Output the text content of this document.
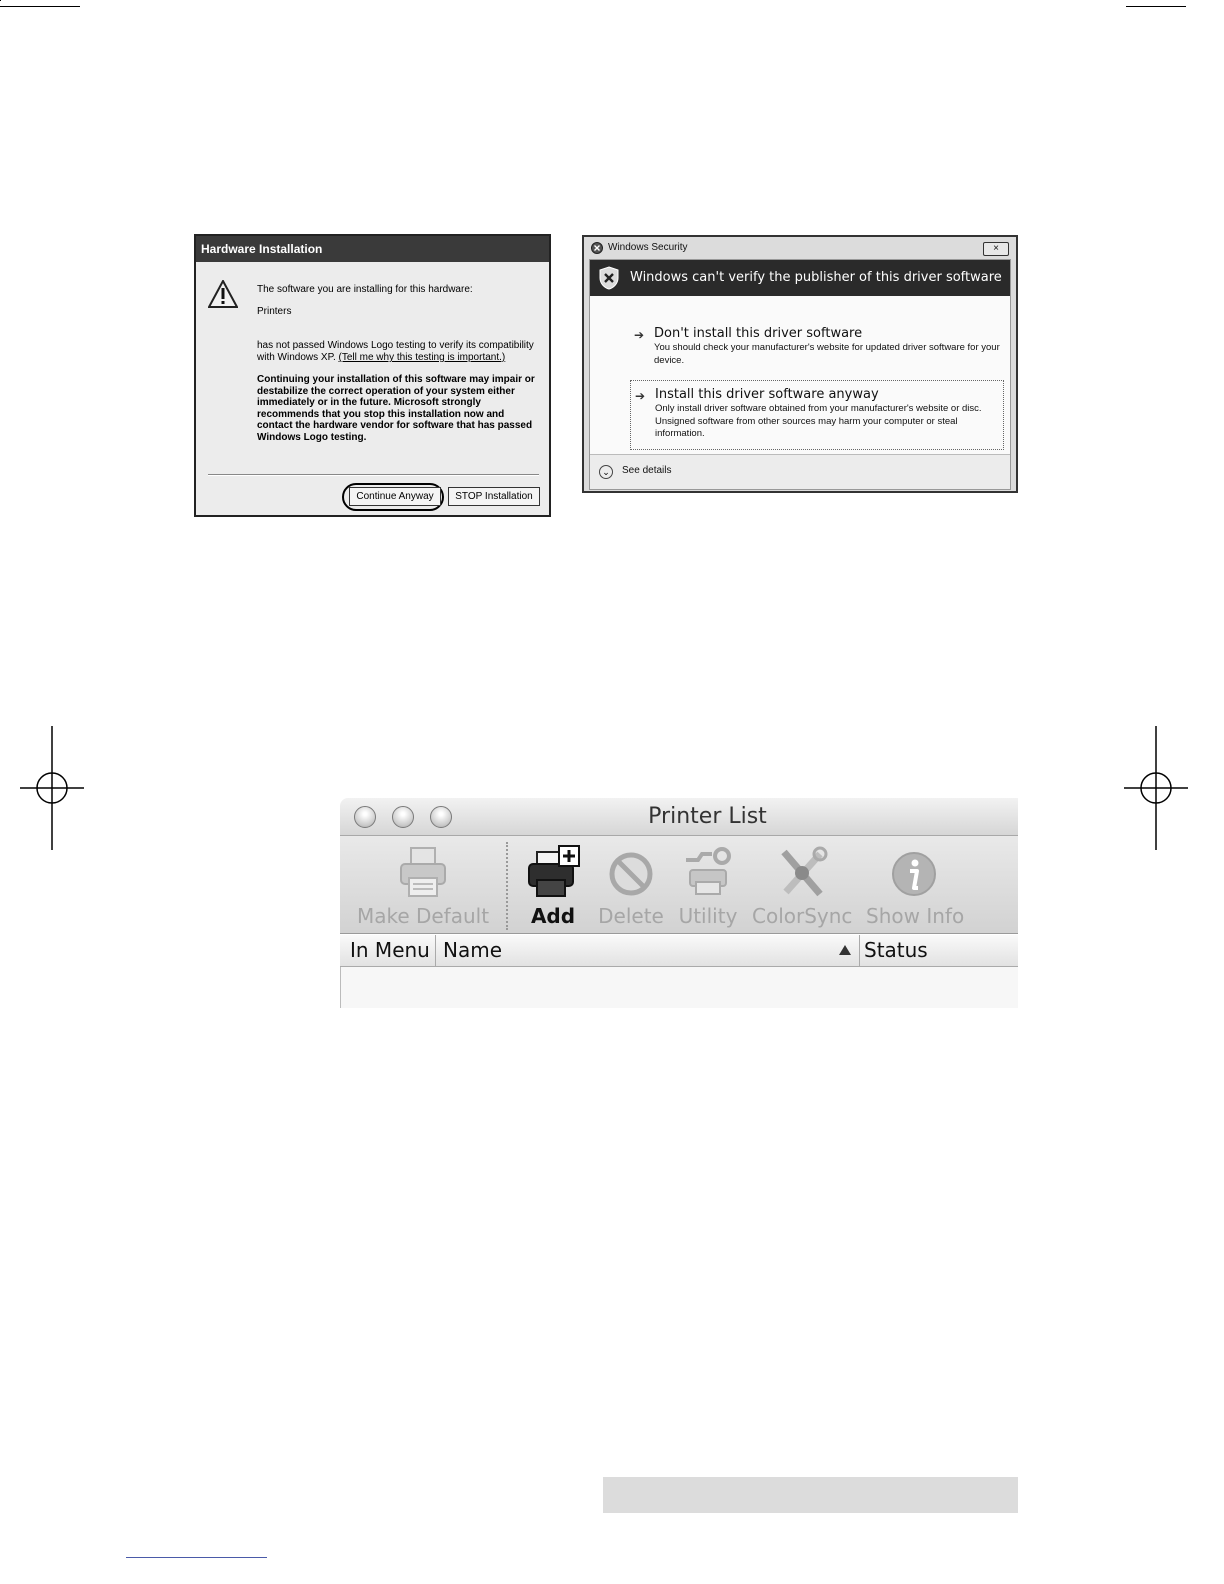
Hardware Installation
The software you are installing for this hardware:
Printers
has not passed Windows Logo testing to verify its compatibility with Windows XP. (Tell me why this testing is important.)
Continuing your installation of this software may impair or destabilize the correct operation of your system either immediately or in the future. Microsoft strongly recommends that you stop this installation now and contact the hardware vendor for software that has passed Windows Logo testing.
Continue Anyway	STOP Installation
Windows Security	×
Windows can't verify the publisher of this driver software
➔ Don't install this driver software
You should check your manufacturer's website for updated driver software for your device.
➔ Install this driver software anyway
Only install driver software obtained from your manufacturer's website or disc. Unsigned software from other sources may harm your computer or steal information.
⌄	See details
Printer List
Make Default	Add	Delete Utility ColorSync Show Info
In Menu Name	Status
